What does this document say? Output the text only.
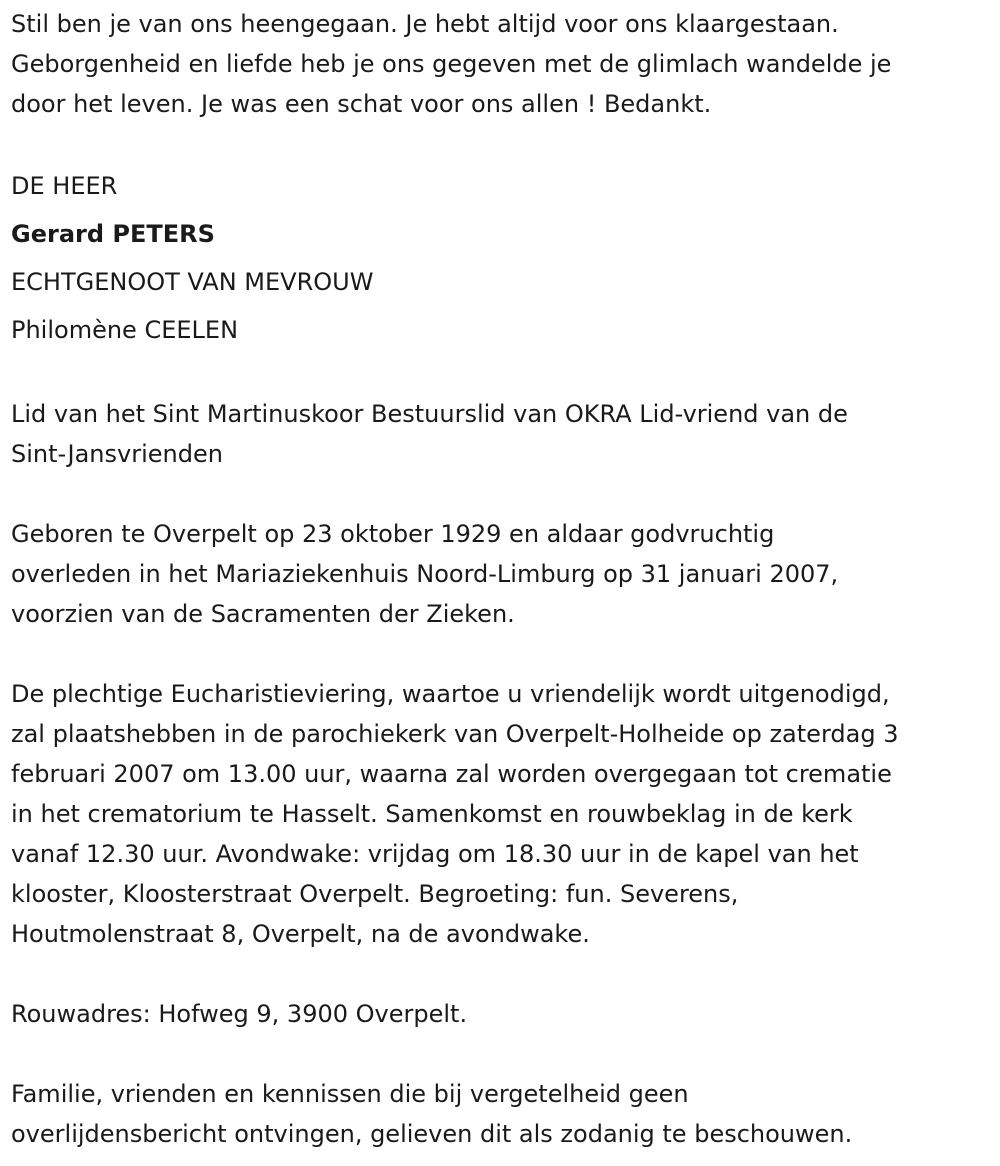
Stil ben je van ons heengegaan. Je hebt altijd voor ons klaargestaan.
Geborgenheid en liefde heb je ons gegeven met de glimlach wandelde je
door het leven. Je was een schat voor ons allen ! Bedankt.

DE HEER
Gerard PETERS
ECHTGENOOT VAN MEVROUW
Philomène CEELEN

Lid van het Sint Martinuskoor Bestuurslid van OKRA Lid-vriend van de
Sint-Jansvrienden

Geboren te Overpelt op 23 oktober 1929 en aldaar godvruchtig
overleden in het Mariaziekenhuis Noord-Limburg op 31 januari 2007,
voorzien van de Sacramenten der Zieken.

De plechtige Eucharistieviering, waartoe u vriendelijk wordt uitgenodigd,
zal plaatshebben in de parochiekerk van Overpelt-Holheide op zaterdag 3
februari 2007 om 13.00 uur, waarna zal worden overgegaan tot crematie
in het crematorium te Hasselt. Samenkomst en rouwbeklag in de kerk
vanaf 12.30 uur. Avondwake: vrijdag om 18.30 uur in de kapel van het
klooster, Kloosterstraat Overpelt. Begroeting: fun. Severens,
Houtmolenstraat 8, Overpelt, na de avondwake.

Rouwadres: Hofweg 9, 3900 Overpelt.

Familie, vrienden en kennissen die bij vergetelheid geen
overlijdensbericht ontvingen, gelieven dit als zodanig te beschouwen.
